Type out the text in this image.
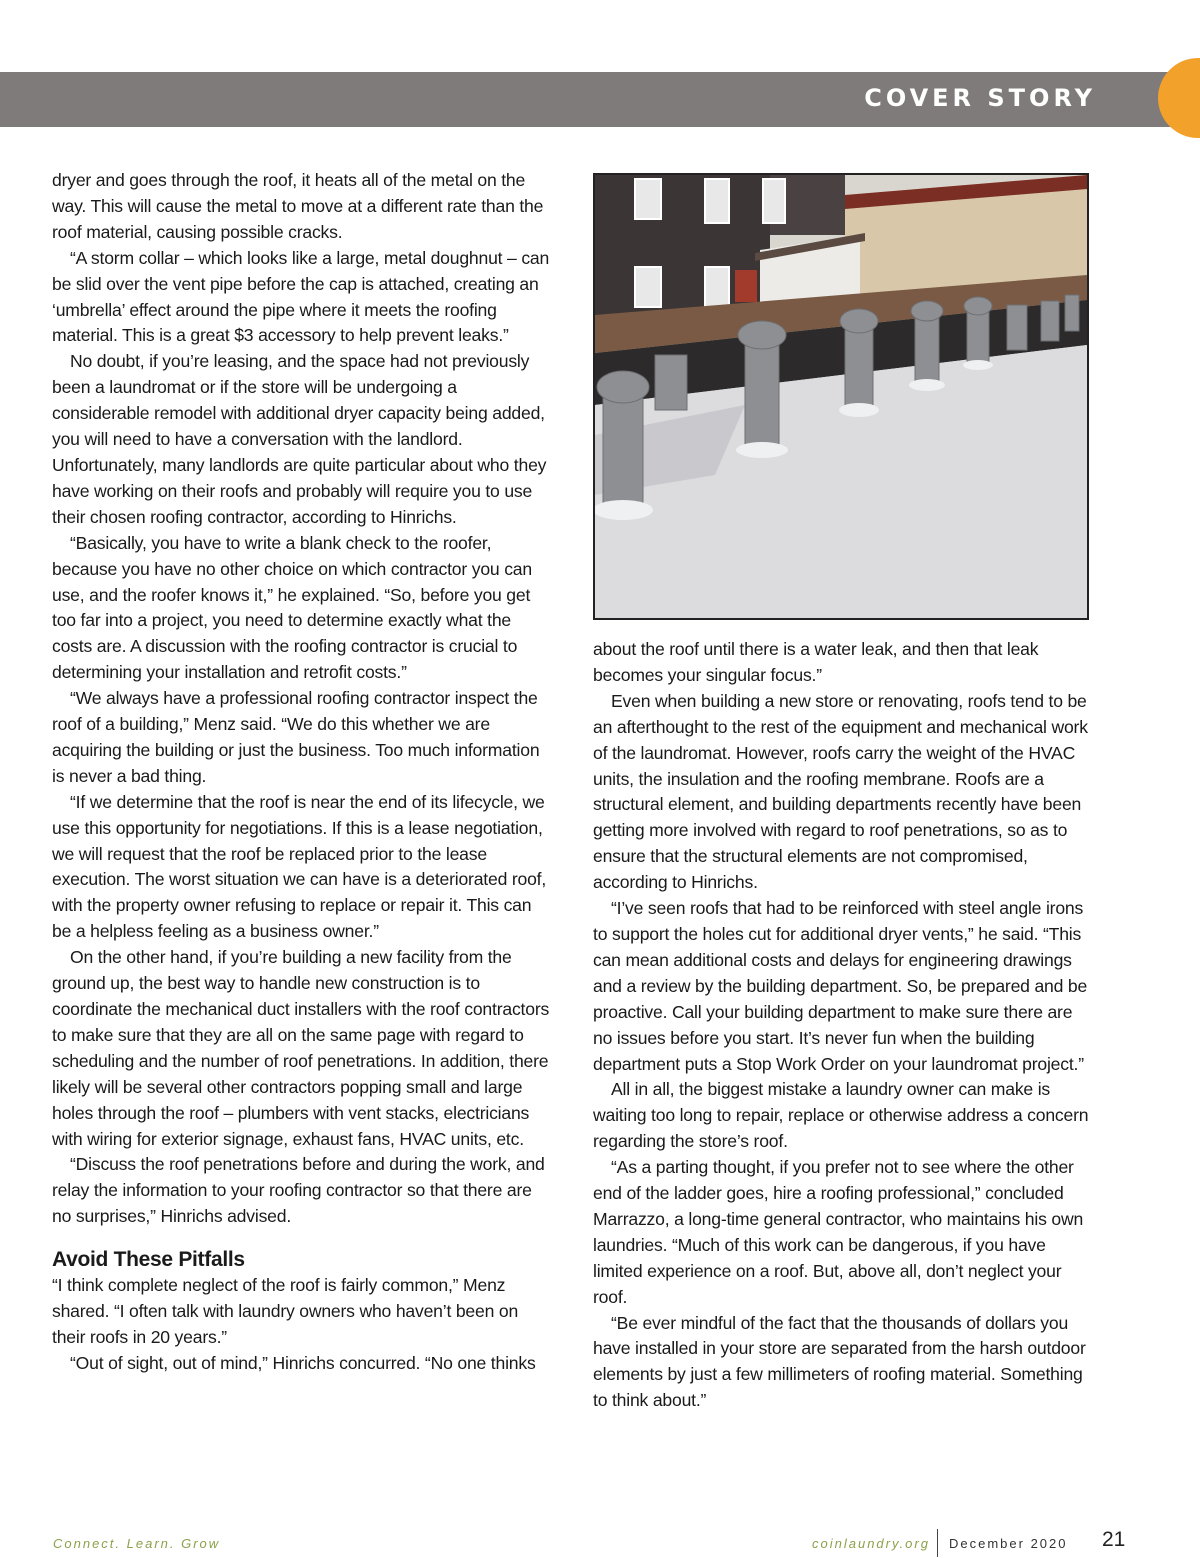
COVER STORY

dryer and goes through the roof, it heats all of the metal on the way. This will cause the metal to move at a different rate than the roof material, causing possible cracks.

“A storm collar – which looks like a large, metal doughnut – can be slid over the vent pipe before the cap is attached, creating an ‘umbrella’ effect around the pipe where it meets the roofing material. This is a great $3 accessory to help prevent leaks.”

No doubt, if you’re leasing, and the space had not previously been a laundromat or if the store will be undergoing a considerable remodel with additional dryer capacity being added, you will need to have a conversation with the landlord. Unfortunately, many landlords are quite particular about who they have working on their roofs and probably will require you to use their chosen roofing contractor, according to Hinrichs.

“Basically, you have to write a blank check to the roofer, because you have no other choice on which contractor you can use, and the roofer knows it,” he explained. “So, before you get too far into a project, you need to determine exactly what the costs are. A discussion with the roofing contractor is crucial to determining your installation and retrofit costs.”

“We always have a professional roofing contractor inspect the roof of a building,” Menz said. “We do this whether we are acquiring the building or just the business. Too much information is never a bad thing.

“If we determine that the roof is near the end of its lifecycle, we use this opportunity for negotiations. If this is a lease negotiation, we will request that the roof be replaced prior to the lease execution. The worst situation we can have is a deteriorated roof, with the property owner refusing to replace or repair it. This can be a helpless feeling as a business owner.”

On the other hand, if you’re building a new facility from the ground up, the best way to handle new construction is to coordinate the mechanical duct installers with the roof contractors to make sure that they are all on the same page with regard to scheduling and the number of roof penetrations. In addition, there likely will be several other contractors popping small and large holes through the roof – plumbers with vent stacks, electricians with wiring for exterior signage, exhaust fans, HVAC units, etc.

“Discuss the roof penetrations before and during the work, and relay the information to your roofing contractor so that there are no surprises,” Hinrichs advised.

Avoid These Pitfalls

“I think complete neglect of the roof is fairly common,” Menz shared. “I often talk with laundry owners who haven’t been on their roofs in 20 years.”

“Out of sight, out of mind,” Hinrichs concurred. “No one thinks

about the roof until there is a water leak, and then that leak becomes your singular focus.”

Even when building a new store or renovating, roofs tend to be an afterthought to the rest of the equipment and mechanical work of the laundromat. However, roofs carry the weight of the HVAC units, the insulation and the roofing membrane. Roofs are a structural element, and building departments recently have been getting more involved with regard to roof penetrations, so as to ensure that the structural elements are not compromised, according to Hinrichs.

“I’ve seen roofs that had to be reinforced with steel angle irons to support the holes cut for additional dryer vents,” he said. “This can mean additional costs and delays for engineering drawings and a review by the building department. So, be prepared and be proactive. Call your building department to make sure there are no issues before you start. It’s never fun when the building department puts a Stop Work Order on your laundromat project.”

All in all, the biggest mistake a laundry owner can make is waiting too long to repair, replace or otherwise address a concern regarding the store’s roof.

“As a parting thought, if you prefer not to see where the other end of the ladder goes, hire a roofing professional,” concluded Marrazzo, a long-time general contractor, who maintains his own laundries. “Much of this work can be dangerous, if you have limited experience on a roof. But, above all, don’t neglect your roof.

“Be ever mindful of the fact that the thousands of dollars you have installed in your store are separated from the harsh outdoor elements by just a few millimeters of roofing material. Something to think about.”

Connect. Learn. Grow	coinlaundry.org December 2020 21
